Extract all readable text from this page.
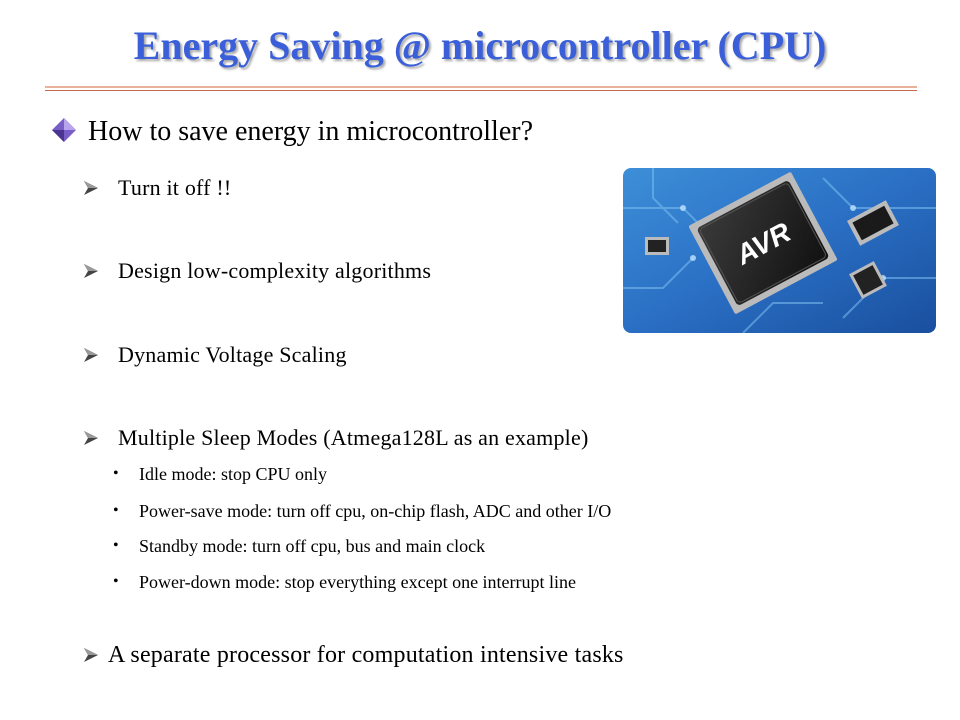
Energy Saving @ microcontroller (CPU)
How to save energy in microcontroller?
Turn it off !!
Design low-complexity algorithms
Dynamic Voltage Scaling
Multiple Sleep Modes (Atmega128L as an example)
•	Idle mode: stop CPU only
•	Power-save mode: turn off cpu, on-chip flash, ADC and other I/O
•	Standby mode: turn off cpu, bus and main clock
•	Power-down mode: stop everything except one interrupt line
A separate processor for computation intensive tasks
AVR
